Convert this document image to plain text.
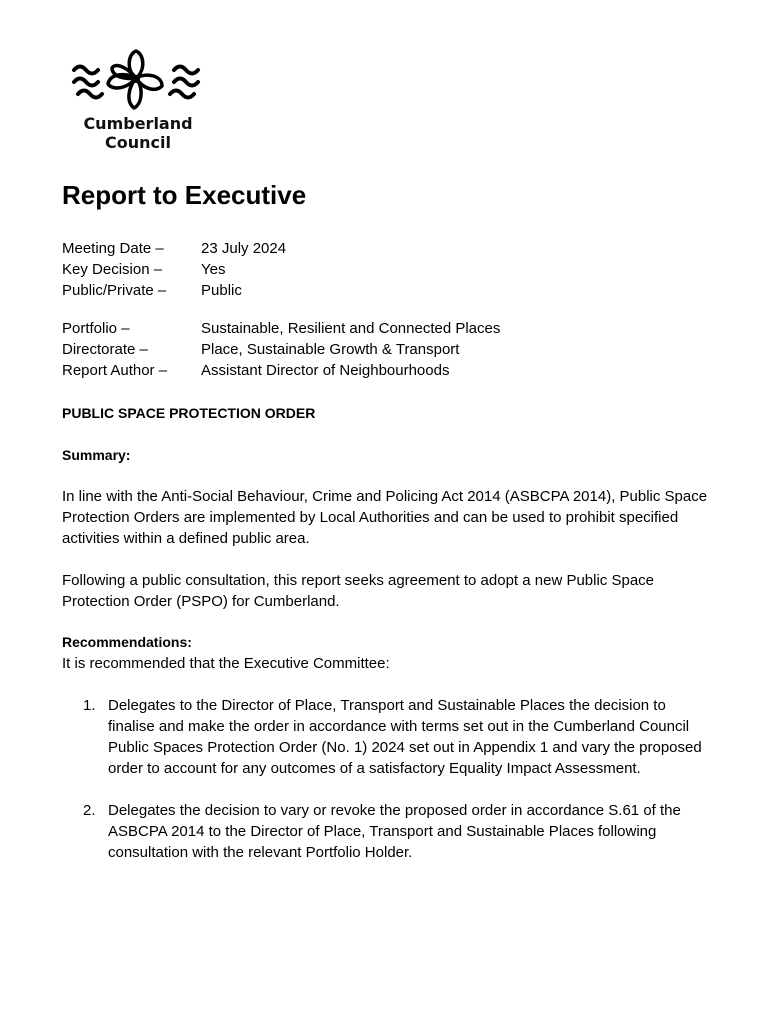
Cumberland
Council
Report to Executive
Meeting Date –	23 July 2024
Key Decision –	Yes
Public/Private –	Public
Portfolio –	Sustainable, Resilient and Connected Places
Directorate –	Place, Sustainable Growth & Transport
Report Author –	Assistant Director of Neighbourhoods
PUBLIC SPACE PROTECTION ORDER
Summary:

In line with the Anti-Social Behaviour, Crime and Policing Act 2014 (ASBCPA 2014), Public Space Protection Orders are implemented by Local Authorities and can be used to prohibit specified activities within a defined public area.

Following a public consultation, this report seeks agreement to adopt a new Public Space Protection Order (PSPO) for Cumberland.

Recommendations:

It is recommended that the Executive Committee:

1. Delegates to the Director of Place, Transport and Sustainable Places the decision to finalise and make the order in accordance with terms set out in the Cumberland Council Public Spaces Protection Order (No. 1) 2024 set out in Appendix 1 and vary the proposed order to account for any outcomes of a satisfactory Equality Impact Assessment.
2. Delegates the decision to vary or revoke the proposed order in accordance S.61 of the ASBCPA 2014 to the Director of Place, Transport and Sustainable Places following consultation with the relevant Portfolio Holder.
